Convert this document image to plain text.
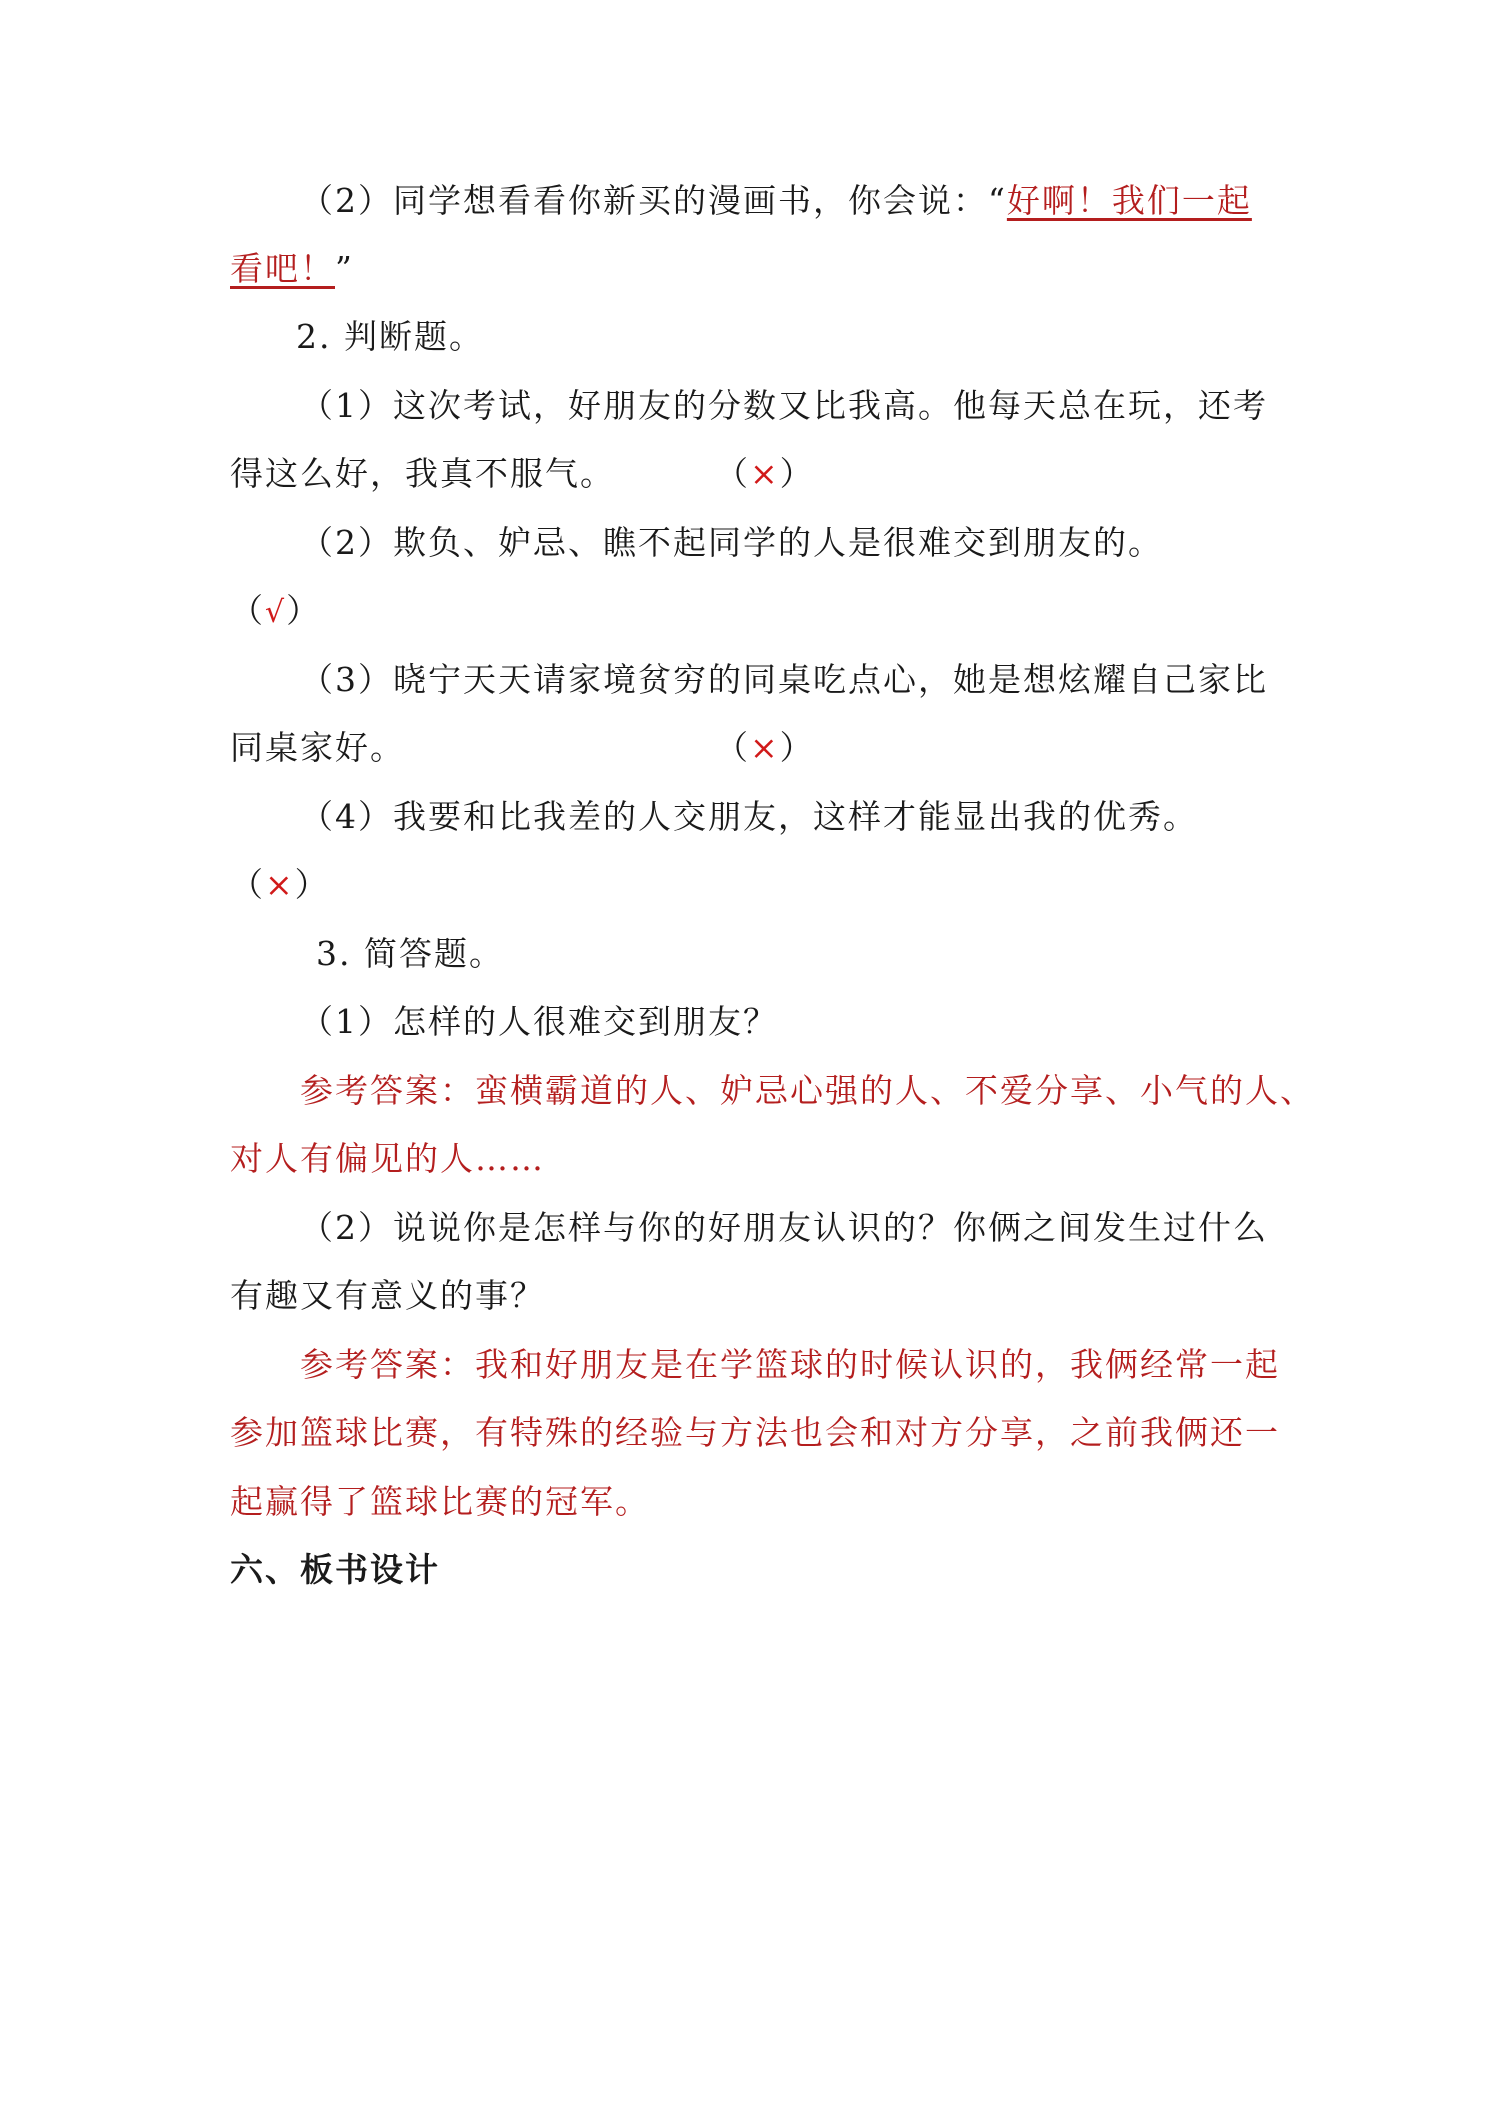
（2）同学想看看你新买的漫画书，你会说：“好啊！我们一起
看吧！”
2. 判断题。
（1）这次考试，好朋友的分数又比我高。他每天总在玩，还考
得这么好，我真不服气。	（×）
（2）欺负、妒忌、瞧不起同学的人是很难交到朋友的。
（√）
（3）晓宁天天请家境贫穷的同桌吃点心，她是想炫耀自己家比
同桌家好。	（×）
（4）我要和比我差的人交朋友，这样才能显出我的优秀。
（×）
3. 简答题。
（1）怎样的人很难交到朋友？
参考答案：蛮横霸道的人、妒忌心强的人、不爱分享、小气的人、
对人有偏见的人……
（2）说说你是怎样与你的好朋友认识的？你俩之间发生过什么
有趣又有意义的事？
参考答案：我和好朋友是在学篮球的时候认识的，我俩经常一起
参加篮球比赛，有特殊的经验与方法也会和对方分享，之前我俩还一
起赢得了篮球比赛的冠军。
六、板书设计
